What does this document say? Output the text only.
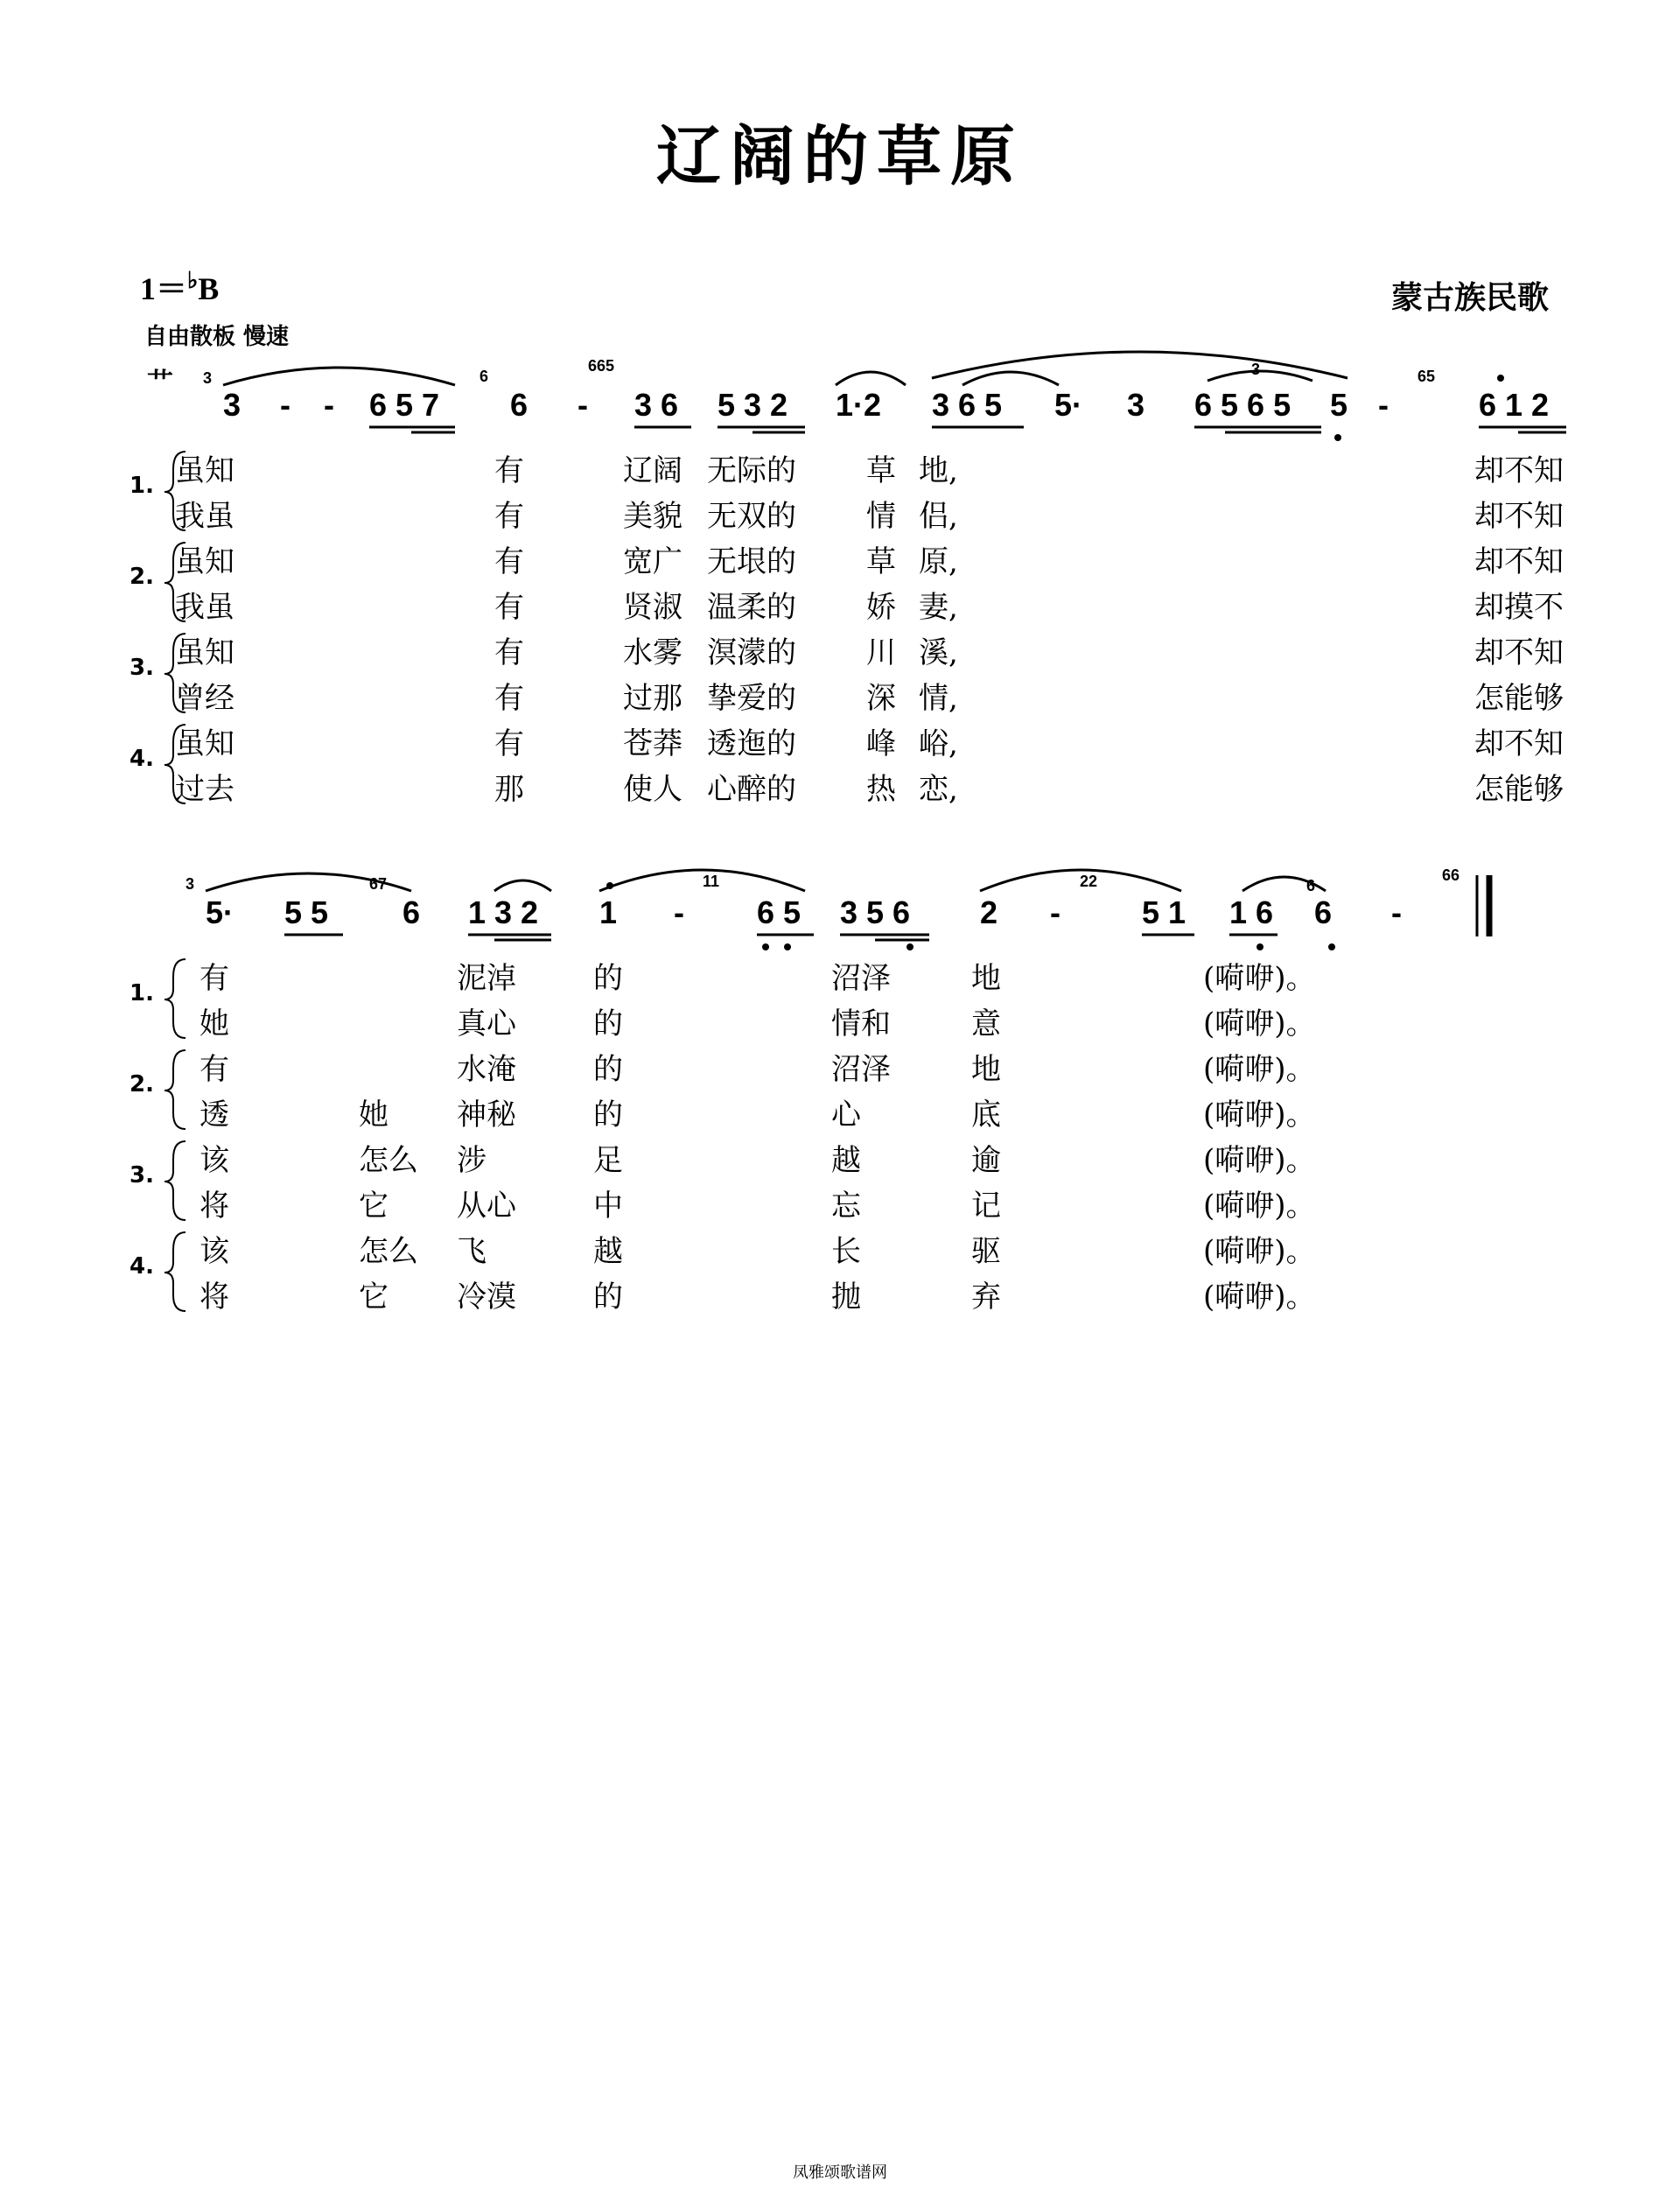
辽阔的草原
1＝♭B	蒙古族民歌
自由散板 慢速
艹
3 - - 6 5 7 6 - 3 6 5 3 2 1·2 3 6 5 5· 3 6 5 6 5 5 -	6 1 2
3	6
665
65
3
1. 虽知	有	辽阔 无际的 草 地,	却不知
我虽	有	美貌 无双的 情 侣,	却不知
2. 虽知	有	宽广 无垠的 草 原,	却不知
我虽	有	贤淑 温柔的 娇 妻,	却摸不
3. 虽知	有	水雾 溟濛的 川 溪,	却不知
曾经	有	过那 挚爱的 深 情,	怎能够
4. 虽知	有	苍莽 透迤的 峰 峪,	却不知
过去	那	使人 心醉的 热 恋,	怎能够
5· 5 5 6 1 3 2 1 - 6 5 3 5 6 2 -	5 1 1 6 6 -
3	67	11	22	6
66
1. 有	泥淖	的	沼泽	地	(嗬咿)。
她	真心	的	情和	意	(嗬咿)。
2. 有	水淹	的	沼泽	地	(嗬咿)。
透	她 神秘	的	心	底	(嗬咿)。
3. 该	怎么 涉	足	越	逾	(嗬咿)。
将	它 从心	中	忘	记	(嗬咿)。
4. 该	怎么 飞	越	长	驱	(嗬咿)。
将	它 冷漠	的	抛	弃	(嗬咿)。
凤雅颂歌谱网
